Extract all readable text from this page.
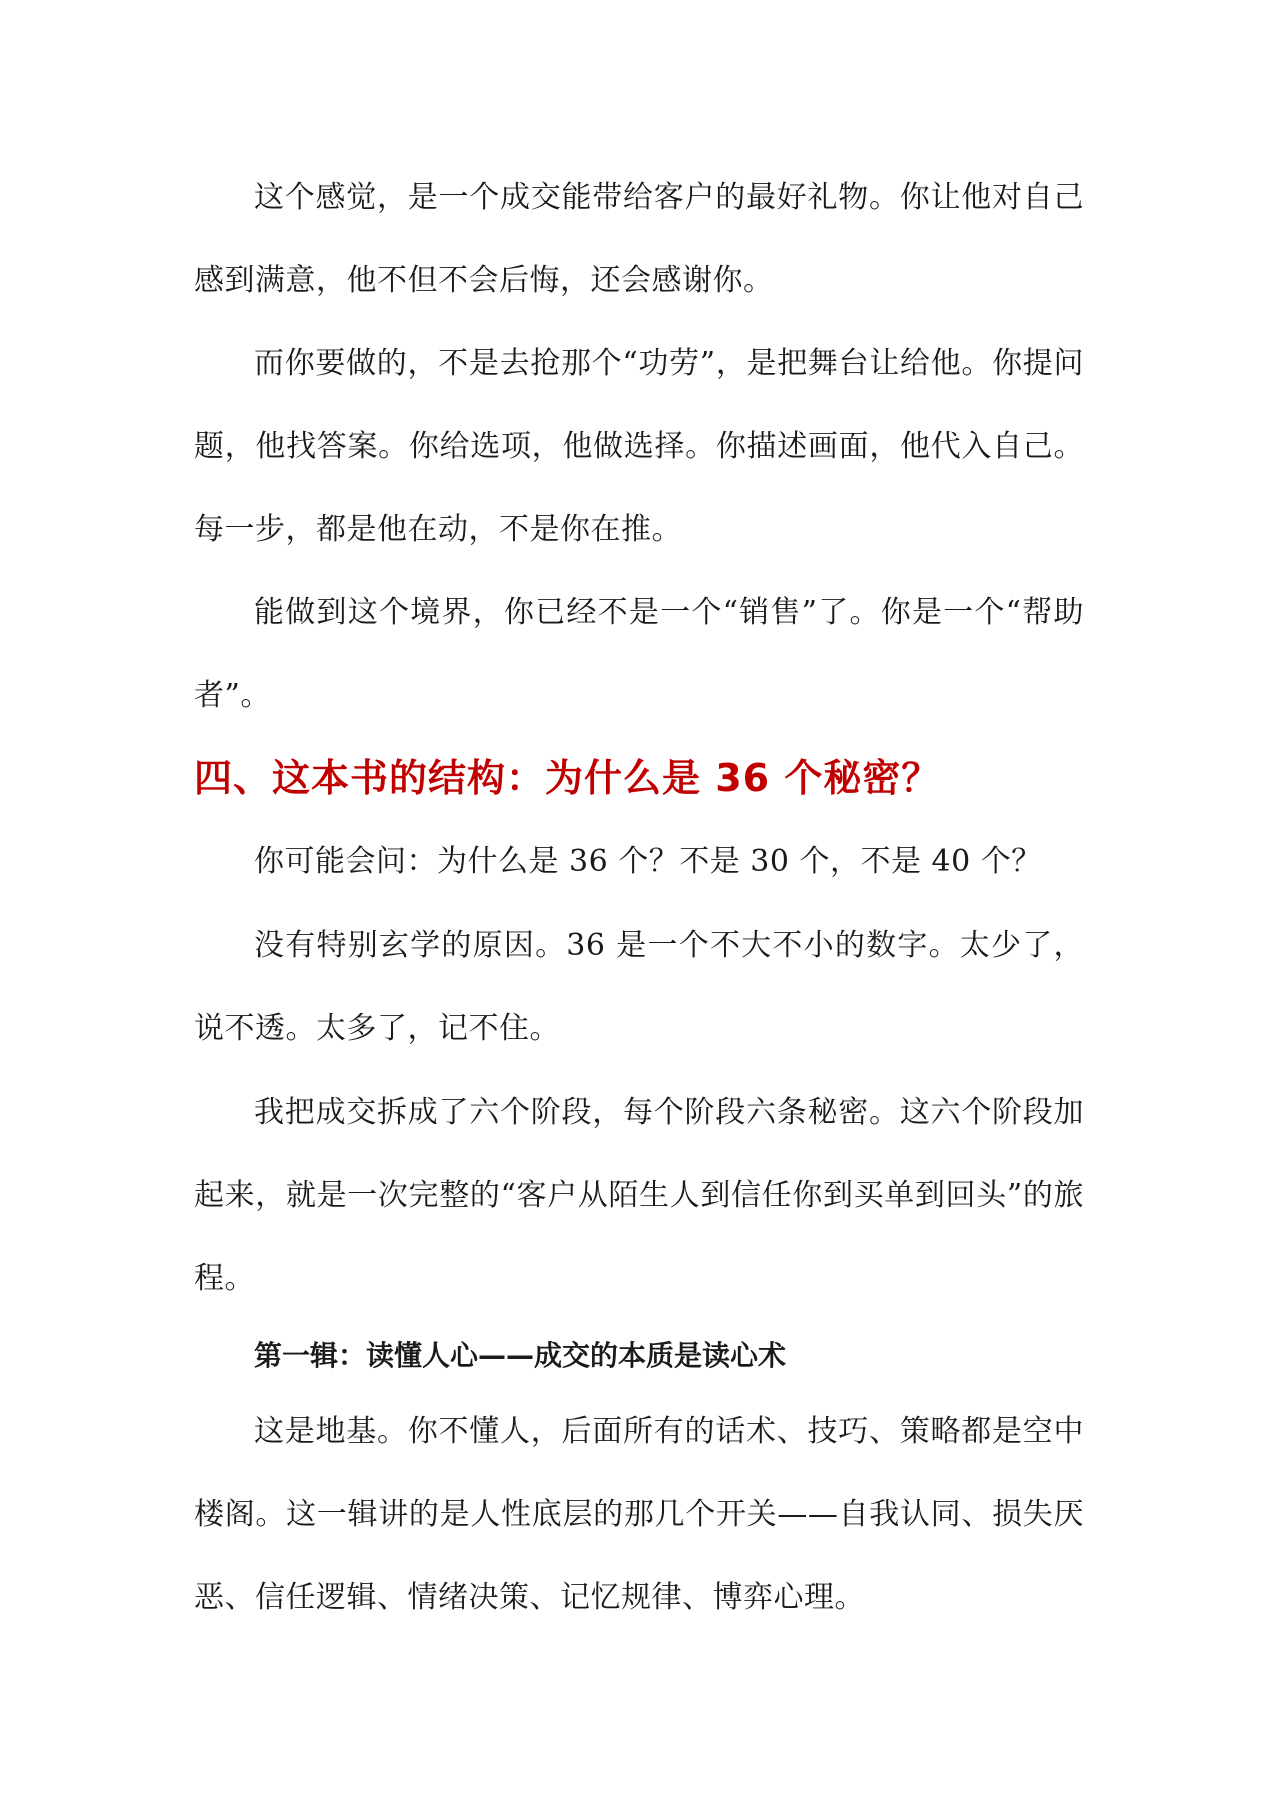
这个感觉，是一个成交能带给客户的最好礼物。你让他对自己感到满意，他不但不会后悔，还会感谢你。

而你要做的，不是去抢那个“功劳”，是把舞台让给他。你提问题，他找答案。你给选项，他做选择。你描述画面，他代入自己。每一步，都是他在动，不是你在推。

能做到这个境界，你已经不是一个“销售”了。你是一个“帮助者”。

四、这本书的结构：为什么是 36 个秘密？

你可能会问：为什么是 36 个？不是 30 个，不是 40 个？

没有特别玄学的原因。36 是一个不大不小的数字。太少了，说不透。太多了，记不住。

我把成交拆成了六个阶段，每个阶段六条秘密。这六个阶段加起来，就是一次完整的“客户从陌生人到信任你到买单到回头”的旅程。

第一辑：读懂人心——成交的本质是读心术

这是地基。你不懂人，后面所有的话术、技巧、策略都是空中楼阁。这一辑讲的是人性底层的那几个开关——自我认同、损失厌恶、信任逻辑、情绪决策、记忆规律、博弈心理。
